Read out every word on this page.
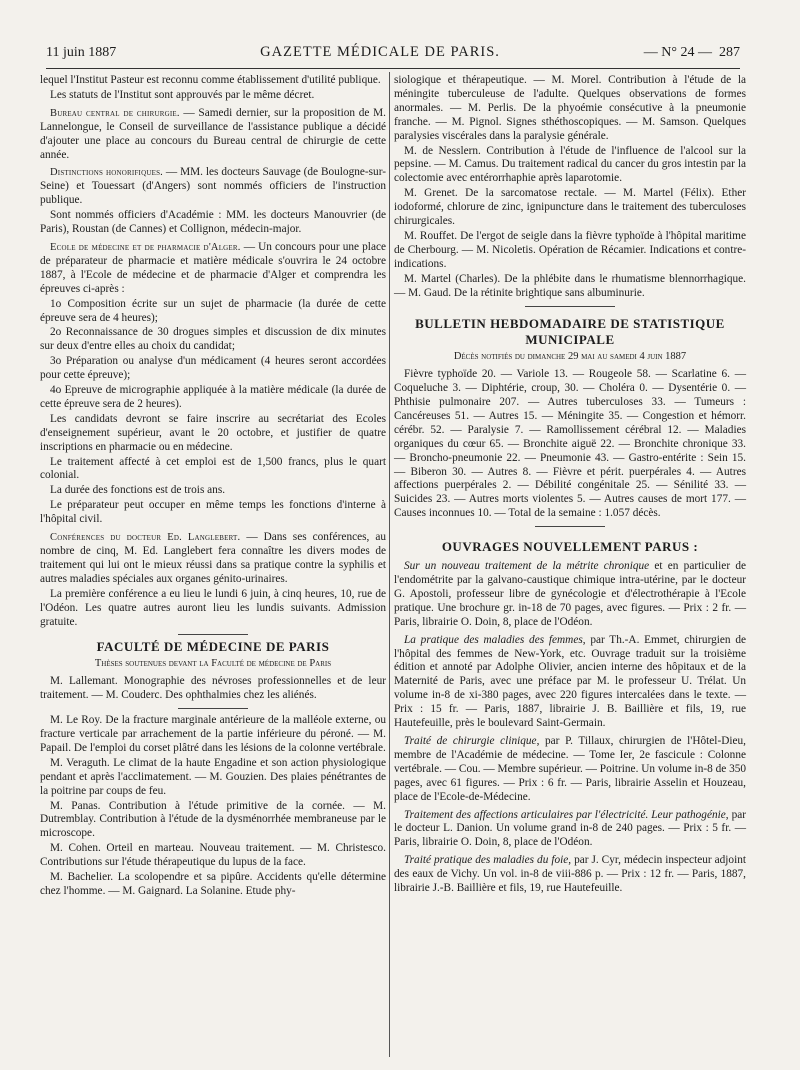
11 juin 1887	GAZETTE MÉDICALE DE PARIS.	— N° 24 — 287

lequel l'Institut Pasteur est reconnu comme établissement d'utilité publique.

Les statuts de l'Institut sont approuvés par le même décret.

Bureau central de chirurgie. — Samedi dernier, sur la proposition de M. Lannelongue, le Conseil de surveillance de l'assistance publique a décidé d'ajouter une place au concours du Bureau central de chirurgie de cette année.

Distinctions honorifiques. — MM. les docteurs Sauvage (de Boulogne-sur-Seine) et Touessart (d'Angers) sont nommés officiers de l'instruction publique.

Sont nommés officiers d'Académie : MM. les docteurs Manouvrier (de Paris), Roustan (de Cannes) et Collignon, médecin-major.

Ecole de médecine et de pharmacie d'Alger. — Un concours pour une place de préparateur de pharmacie et matière médicale s'ouvrira le 24 octobre 1887, à l'Ecole de médecine et de pharmacie d'Alger et comprendra les épreuves ci-après :

1o Composition écrite sur un sujet de pharmacie (la durée de cette épreuve sera de 4 heures);

2o Reconnaissance de 30 drogues simples et discussion de dix minutes sur deux d'entre elles au choix du candidat;

3o Préparation ou analyse d'un médicament (4 heures seront accordées pour cette épreuve);

4o Epreuve de micrographie appliquée à la matière médicale (la durée de cette épreuve sera de 2 heures).

Les candidats devront se faire inscrire au secrétariat des Ecoles d'enseignement supérieur, avant le 20 octobre, et justifier de quatre inscriptions en pharmacie ou en médecine.

Le traitement affecté à cet emploi est de 1,500 francs, plus le quart colonial.

La durée des fonctions est de trois ans.

Le préparateur peut occuper en même temps les fonctions d'interne à l'hôpital civil.

Conférences du docteur Ed. Langlebert. — Dans ses conférences, au nombre de cinq, M. Ed. Langlebert fera connaître les divers modes de traitement qui lui ont le mieux réussi dans sa pratique contre la syphilis et autres maladies spéciales aux organes génito-urinaires.

La première conférence a eu lieu le lundi 6 juin, à cinq heures, 10, rue de l'Odéon. Les quatre autres auront lieu les lundis suivants. Admission gratuite.

FACULTÉ DE MÉDECINE DE PARIS
Thèses soutenues devant la Faculté de médecine de Paris

M. Lallemant. Monographie des névroses professionnelles et de leur traitement. — M. Couderc. Des ophthalmies chez les aliénés.

M. Le Roy. De la fracture marginale antérieure de la malléole externe, ou fracture verticale par arrachement de la partie inférieure du péroné. — M. Papail. De l'emploi du corset plâtré dans les lésions de la colonne vertébrale.

M. Veraguth. Le climat de la haute Engadine et son action physiologique pendant et après l'acclimatement. — M. Gouzien. Des plaies pénétrantes de la poitrine par coups de feu.

M. Panas. Contribution à l'étude primitive de la cornée. — M. Dutremblay. Contribution à l'étude de la dysménorrhée membraneuse par le microscope.

M. Cohen. Orteil en marteau. Nouveau traitement. — M. Christesco. Contributions sur l'étude thérapeutique du lupus de la face.

M. Bachelier. La scolopendre et sa pipûre. Accidents qu'elle détermine chez l'homme. — M. Gaignard. La Solanine. Etude phy-

siologique et thérapeutique. — M. Morel. Contribution à l'étude de la méningite tuberculeuse de l'adulte. Quelques observations de formes anormales. — M. Perlis. De la phyoémie consécutive à la pneumonie franche. — M. Pignol. Signes sthéthoscopiques. — M. Samson. Quelques paralysies viscérales dans la paralysie générale.

M. de Nesslern. Contribution à l'étude de l'influence de l'alcool sur la pepsine. — M. Camus. Du traitement radical du cancer du gros intestin par la colectomie avec entérorrhaphie après laparotomie.

M. Grenet. De la sarcomatose rectale. — M. Martel (Félix). Ether iodoformé, chlorure de zinc, ignipuncture dans le traitement des tuberculoses chirurgicales.

M. Rouffet. De l'ergot de seigle dans la fièvre typhoïde à l'hôpital maritime de Cherbourg. — M. Nicoletis. Opération de Récamier. Indications et contre-indications.

M. Martel (Charles). De la phlébite dans le rhumatisme blennorrhagique. — M. Gaud. De la rétinite brightique sans albuminurie.

BULLETIN HEBDOMADAIRE DE STATISTIQUE
MUNICIPALE
Décès notifiés du dimanche 29 mai au samedi 4 juin 1887

Fièvre typhoïde 20. — Variole 13. — Rougeole 58. — Scarlatine 6. — Coqueluche 3. — Diphtérie, croup, 30. — Choléra 0. — Dysentérie 0. — Phthisie pulmonaire 207. — Autres tuberculoses 33. — Tumeurs : Cancéreuses 51. — Autres 15. — Méningite 35. — Congestion et hémorr. cérébr. 52. — Paralysie 7. — Ramollissement cérébral 12. — Maladies organiques du cœur 65. — Bronchite aiguë 22. — Bronchite chronique 33. — Broncho-pneumonie 22. — Pneumonie 43. — Gastro-entérite : Sein 15. — Biberon 30. — Autres 8. — Fièvre et périt. puerpérales 4. — Autres affections puerpérales 2. — Débilité congénitale 25. — Sénilité 33. — Suicides 23. — Autres morts violentes 5. — Autres causes de mort 177. — Causes inconnues 10. — Total de la semaine : 1.057 décès.

OUVRAGES NOUVELLEMENT PARUS :

Sur un nouveau traitement de la métrite chronique et en particulier de l'endométrite par la galvano-caustique chimique intra-utérine, par le docteur G. Apostoli, professeur libre de gynécologie et d'électrothérapie à l'Ecole pratique. Une brochure gr. in-18 de 70 pages, avec figures. — Prix : 2 fr. — Paris, librairie O. Doin, 8, place de l'Odéon.

La pratique des maladies des femmes, par Th.-A. Emmet, chirurgien de l'hôpital des femmes de New-York, etc. Ouvrage traduit sur la troisième édition et annoté par Adolphe Olivier, ancien interne des hôpitaux et de la Maternité de Paris, avec une préface par M. le professeur U. Trélat. Un volume in-8 de xi-380 pages, avec 220 figures intercalées dans le texte. — Prix : 15 fr. — Paris, 1887, librairie J. B. Baillière et fils, 19, rue Hautefeuille, près le boulevard Saint-Germain.

Traité de chirurgie clinique, par P. Tillaux, chirurgien de l'Hôtel-Dieu, membre de l'Académie de médecine. — Tome Ier, 2e fascicule : Colonne vertébrale. — Cou. — Membre supérieur. — Poitrine. Un volume in-8 de 350 pages, avec 61 figures. — Prix : 6 fr. — Paris, librairie Asselin et Houzeau, place de l'Ecole-de-Médecine.

Traitement des affections articulaires par l'électricité. Leur pathogénie, par le docteur L. Danion. Un volume grand in-8 de 240 pages. — Prix : 5 fr. — Paris, librairie O. Doin, 8, place de l'Odéon.

Traité pratique des maladies du foie, par J. Cyr, médecin inspecteur adjoint des eaux de Vichy. Un vol. in-8 de viii-886 p. — Prix : 12 fr. — Paris, 1887, librairie J.-B. Baillière et fils, 19, rue Hautefeuille.
